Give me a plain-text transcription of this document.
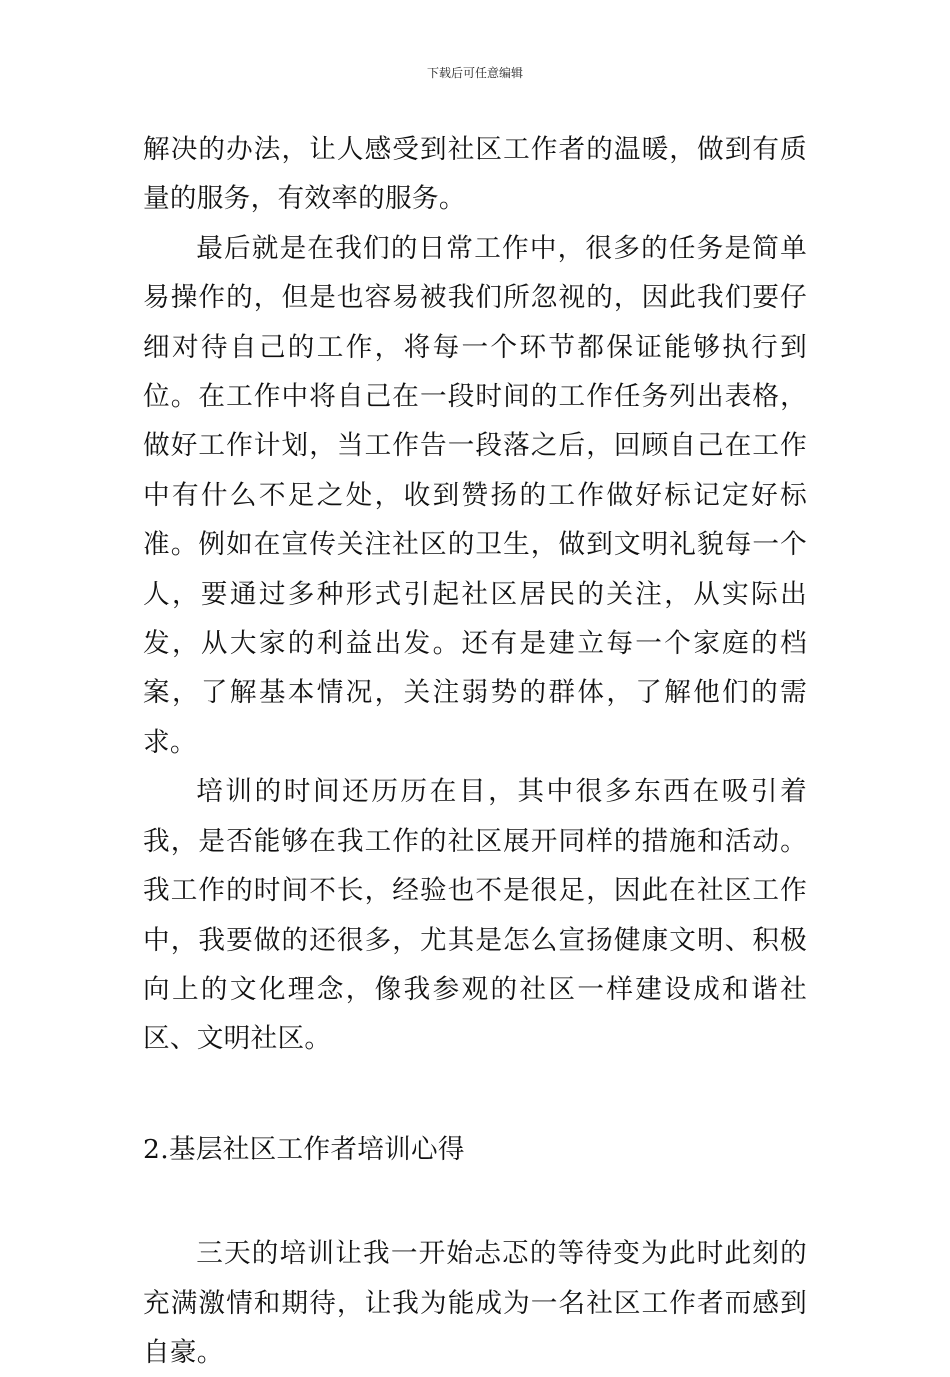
下载后可任意编辑

解决的办法，让人感受到社区工作者的温暖，做到有质量的服务，有效率的服务。

最后就是在我们的日常工作中，很多的任务是简单易操作的，但是也容易被我们所忽视的，因此我们要仔细对待自己的工作，将每一个环节都保证能够执行到位。在工作中将自己在一段时间的工作任务列出表格，做好工作计划，当工作告一段落之后，回顾自己在工作中有什么不足之处，收到赞扬的工作做好标记定好标准。例如在宣传关注社区的卫生，做到文明礼貌每一个人，要通过多种形式引起社区居民的关注，从实际出发，从大家的利益出发。还有是建立每一个家庭的档案，了解基本情况，关注弱势的群体，了解他们的需求。

培训的时间还历历在目，其中很多东西在吸引着我，是否能够在我工作的社区展开同样的措施和活动。我工作的时间不长，经验也不是很足，因此在社区工作中，我要做的还很多，尤其是怎么宣扬健康文明、积极向上的文化理念，像我参观的社区一样建设成和谐社区、文明社区。

2.基层社区工作者培训心得

三天的培训让我一开始忐忑的等待变为此时此刻的充满激情和期待，让我为能成为一名社区工作者而感到自豪。
